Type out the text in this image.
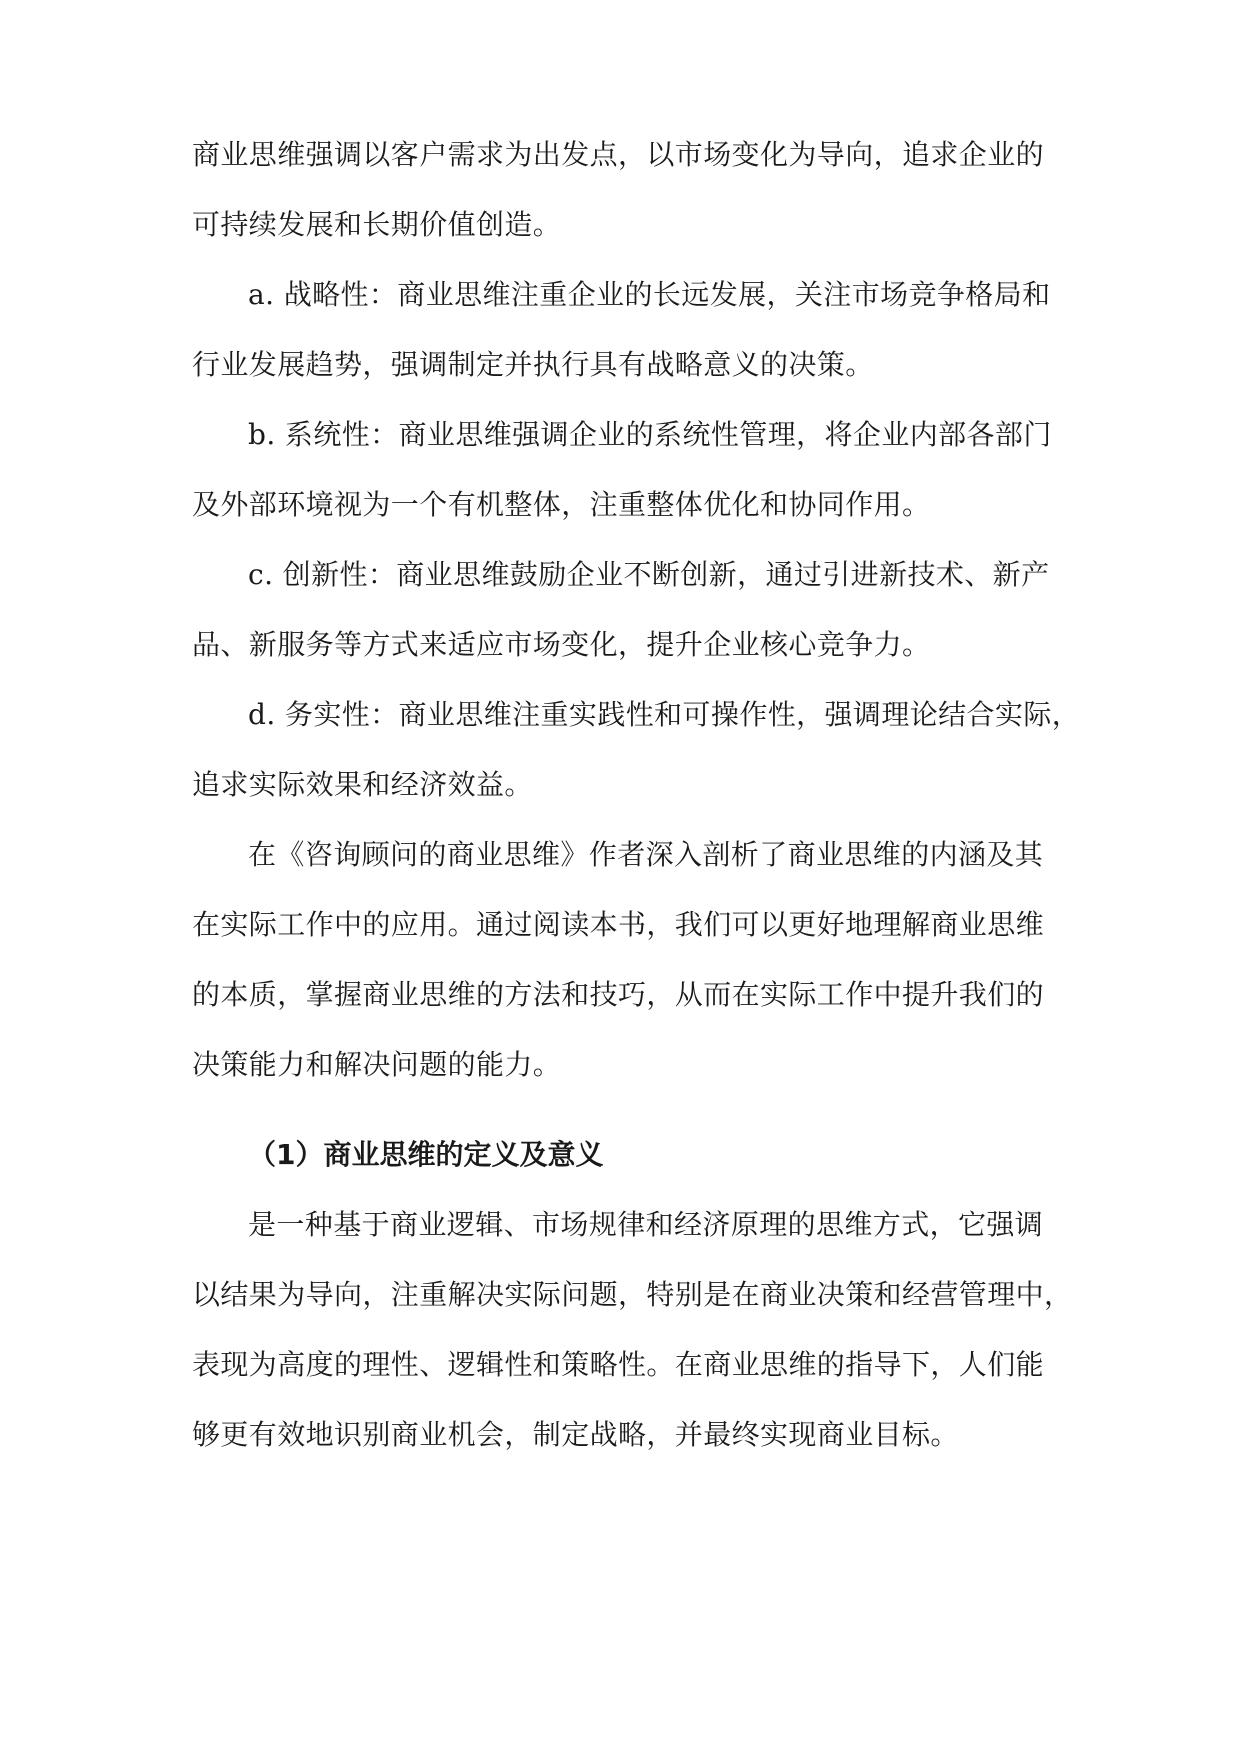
商业思维强调以客户需求为出发点，以市场变化为导向，追求企业的
可持续发展和长期价值创造。
a. 战略性：商业思维注重企业的长远发展，关注市场竞争格局和
行业发展趋势，强调制定并执行具有战略意义的决策。
b. 系统性：商业思维强调企业的系统性管理，将企业内部各部门
及外部环境视为一个有机整体，注重整体优化和协同作用。
c. 创新性：商业思维鼓励企业不断创新，通过引进新技术、新产
品、新服务等方式来适应市场变化，提升企业核心竞争力。
d. 务实性：商业思维注重实践性和可操作性，强调理论结合实际，
追求实际效果和经济效益。
在《咨询顾问的商业思维》作者深入剖析了商业思维的内涵及其
在实际工作中的应用。通过阅读本书，我们可以更好地理解商业思维
的本质，掌握商业思维的方法和技巧，从而在实际工作中提升我们的
决策能力和解决问题的能力。
（1）商业思维的定义及意义
是一种基于商业逻辑、市场规律和经济原理的思维方式，它强调
以结果为导向，注重解决实际问题，特别是在商业决策和经营管理中，
表现为高度的理性、逻辑性和策略性。在商业思维的指导下，人们能
够更有效地识别商业机会，制定战略，并最终实现商业目标。
